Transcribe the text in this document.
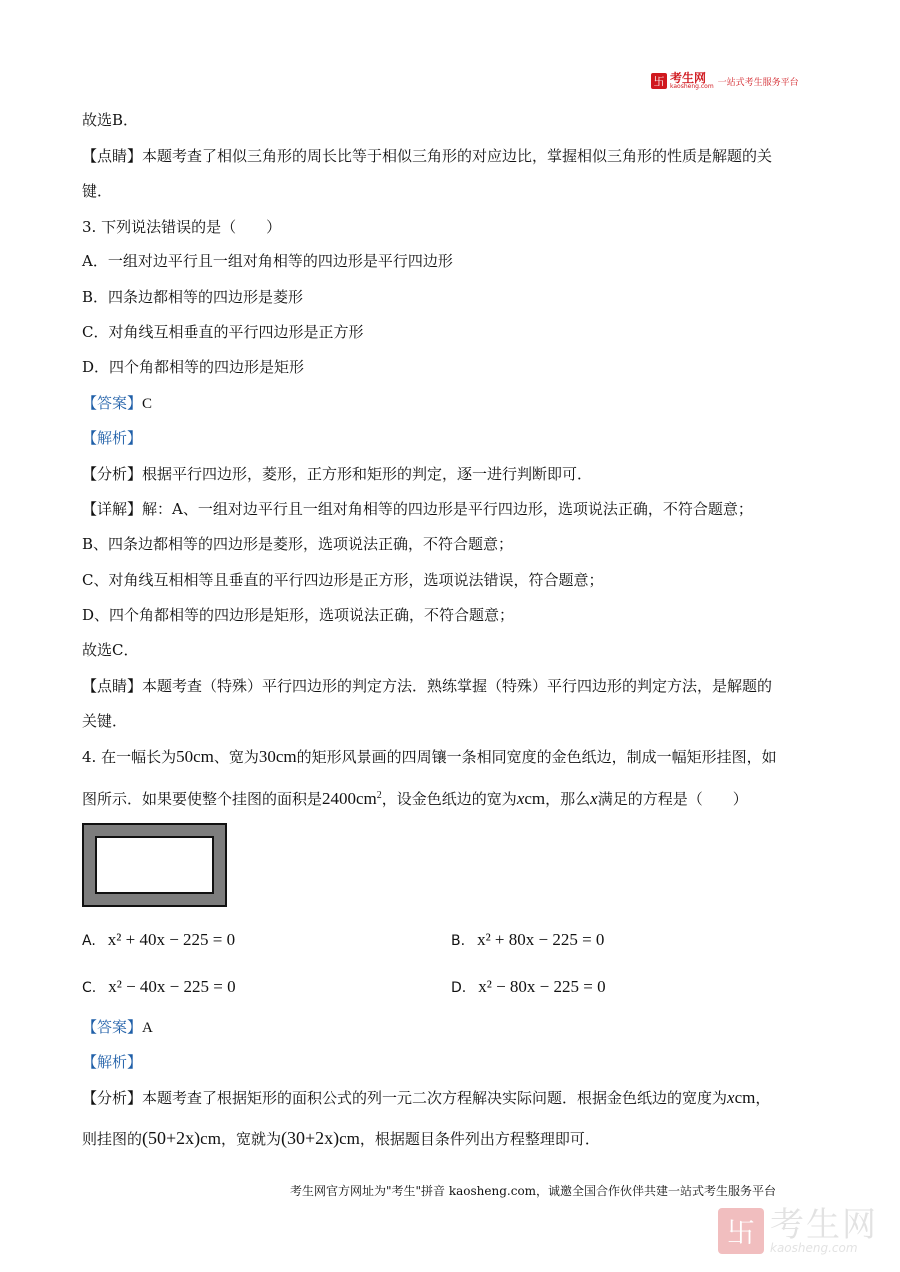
卐 考生网
kaosheng.com 一站式考生服务平台
故选B．
【点睛】本题考查了相似三角形的周长比等于相似三角形的对应边比，掌握相似三角形的性质是解题的关
键．
3. 下列说法错误的是（　　）
A．一组对边平行且一组对角相等的四边形是平行四边形
B．四条边都相等的四边形是菱形
C．对角线互相垂直的平行四边形是正方形
D．四个角都相等的四边形是矩形
【答案】C
【解析】
【分析】根据平行四边形，菱形，正方形和矩形的判定，逐一进行判断即可．
【详解】解：A、一组对边平行且一组对角相等的四边形是平行四边形，选项说法正确，不符合题意；
B、四条边都相等的四边形是菱形，选项说法正确，不符合题意；
C、对角线互相相等且垂直的平行四边形是正方形，选项说法错误，符合题意；
D、四个角都相等的四边形是矩形，选项说法正确，不符合题意；
故选C．
【点睛】本题考查（特殊）平行四边形的判定方法．熟练掌握（特殊）平行四边形的判定方法，是解题的
关键．
4. 在一幅长为50cm、宽为30cm的矩形风景画的四周镶一条相同宽度的金色纸边，制成一幅矩形挂图，如
图所示．如果要使整个挂图的面积是$2400cm^2$，设金色纸边的宽为xcm，那么x满足的方程是（　　）
A. x² + 40x − 225 = 0	B. x² + 80x − 225 = 0
C. x² − 40x − 225 = 0	D. x² − 80x − 225 = 0
【答案】A
【解析】
【分析】本题考查了根据矩形的面积公式的列一元二次方程解决实际问题．根据金色纸边的宽度为xcm，
则挂图的(50+2x)cm，宽就为(30+2x)cm，根据题目条件列出方程整理即可．
考生网官方网址为"考生"拼音 kaosheng.com，诚邀全国合作伙伴共建一站式考生服务平台
卐 考生网
kaosheng.com
